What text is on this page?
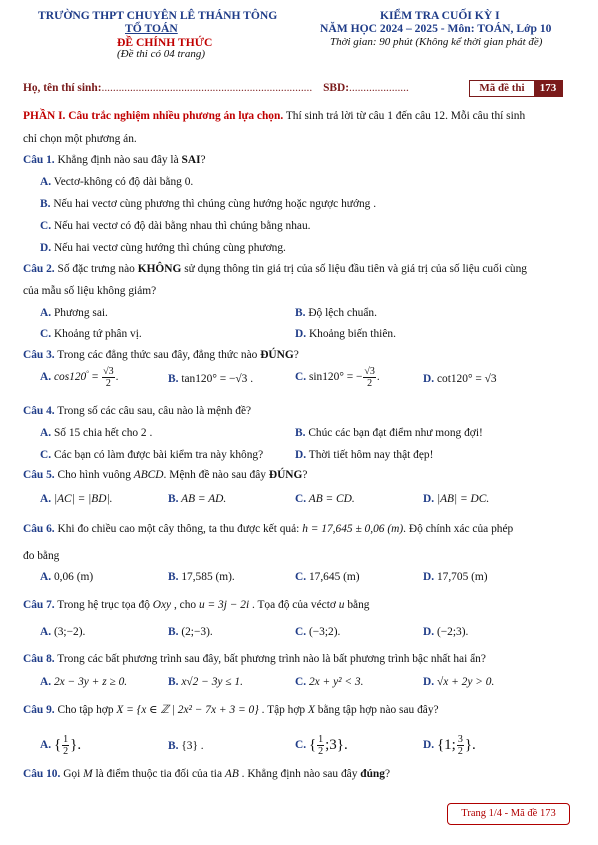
TRƯỜNG THPT CHUYÊN LÊ THÁNH TÔNG
TỔ TOÁN
ĐỀ CHÍNH THỨC
(Đề thi có 04 trang)
KIỂM TRA CUỐI KỲ I
NĂM HỌC 2024 – 2025 - Môn: TOÁN, Lớp 10
Thời gian: 90 phút (Không kể thời gian phát đề)
Họ, tên thí sinh:.......................................................................... SBD:.....................	Mã đề thi	173
PHẦN I. Câu trắc nghiệm nhiều phương án lựa chọn. Thí sinh trả lời từ câu 1 đến câu 12. Mỗi câu thí sinh
chỉ chọn một phương án.
Câu 1. Khẳng định nào sau đây là SAI?
A. Vectơ-không có độ dài bằng 0.
B. Nếu hai vectơ cùng phương thì chúng cùng hướng hoặc ngược hướng .
C. Nếu hai vectơ có độ dài bằng nhau thì chúng bằng nhau.
D. Nếu hai vectơ cùng hướng thì chúng cùng phương.
Câu 2. Số đặc trưng nào KHÔNG sử dụng thông tin giá trị của số liệu đầu tiên và giá trị của số liệu cuối cùng
của mẫu số liệu không giảm?
A. Phương sai.	B. Độ lệch chuẩn.
C. Khoảng tứ phân vị.	D. Khoảng biến thiên.
Câu 3. Trong các đẳng thức sau đây, đẳng thức nào ĐÚNG?
A. $\cos 120^\circ = \frac{√3}{2}$ .	B. tan120° = −√3 .	C. sin120° = − $\frac{√3}{2}$ .	D. cot120° = √3
Câu 4. Trong số các câu sau, câu nào là mệnh đề?
A. Số 15 chia hết cho 2 .	B. Chúc các bạn đạt điểm như mong đợi!
C. Các bạn có làm được bài kiểm tra này không?	D. Thời tiết hôm nay thật đẹp!
Câu 5. Cho hình vuông ABCD. Mệnh đề nào sau đây ĐÚNG?
A. |AC| = |BD|.	B. AB = AD.	C. AB = CD.	D. |AB| = DC.
Câu 6. Khi đo chiều cao một cây thông, ta thu được kết quả: h = 17,645 ± 0,06 (m). Độ chính xác của phép
đo bằng
A. 0,06 (m)	B. 17,585 (m).	C. 17,645 (m)	D. 17,705 (m)
Câu 7. Trong hệ trục tọa độ Oxy , cho u = 3j − 2i . Tọa độ của véctơ u bằng
A. (3;−2).	B. (2;−3).	C. (−3;2).	D. (−2;3).
Câu 8. Trong các bất phương trình sau đây, bất phương trình nào là bất phương trình bậc nhất hai ẩn?
A. 2x − 3y + z ≥ 0.	B. x√2 − 3y ≤ 1.	C. 2x + y² < 3.	D. √x + 2y > 0.
Câu 9. Cho tập hợp X = {x ∈ ℤ | 2x² − 7x + 3 = 0} . Tập hợp X bằng tập hợp nào sau đây?
A. { $\frac{1}{2}$ }.	B. {3} .	C. { $\frac{1}{2}$ ;3}.	D. {1; $\frac{3}{2}$ }.
Câu 10. Gọi M là điểm thuộc tia đối của tia AB . Khẳng định nào sau đây đúng?
Trang 1/4 - Mã đề 173
